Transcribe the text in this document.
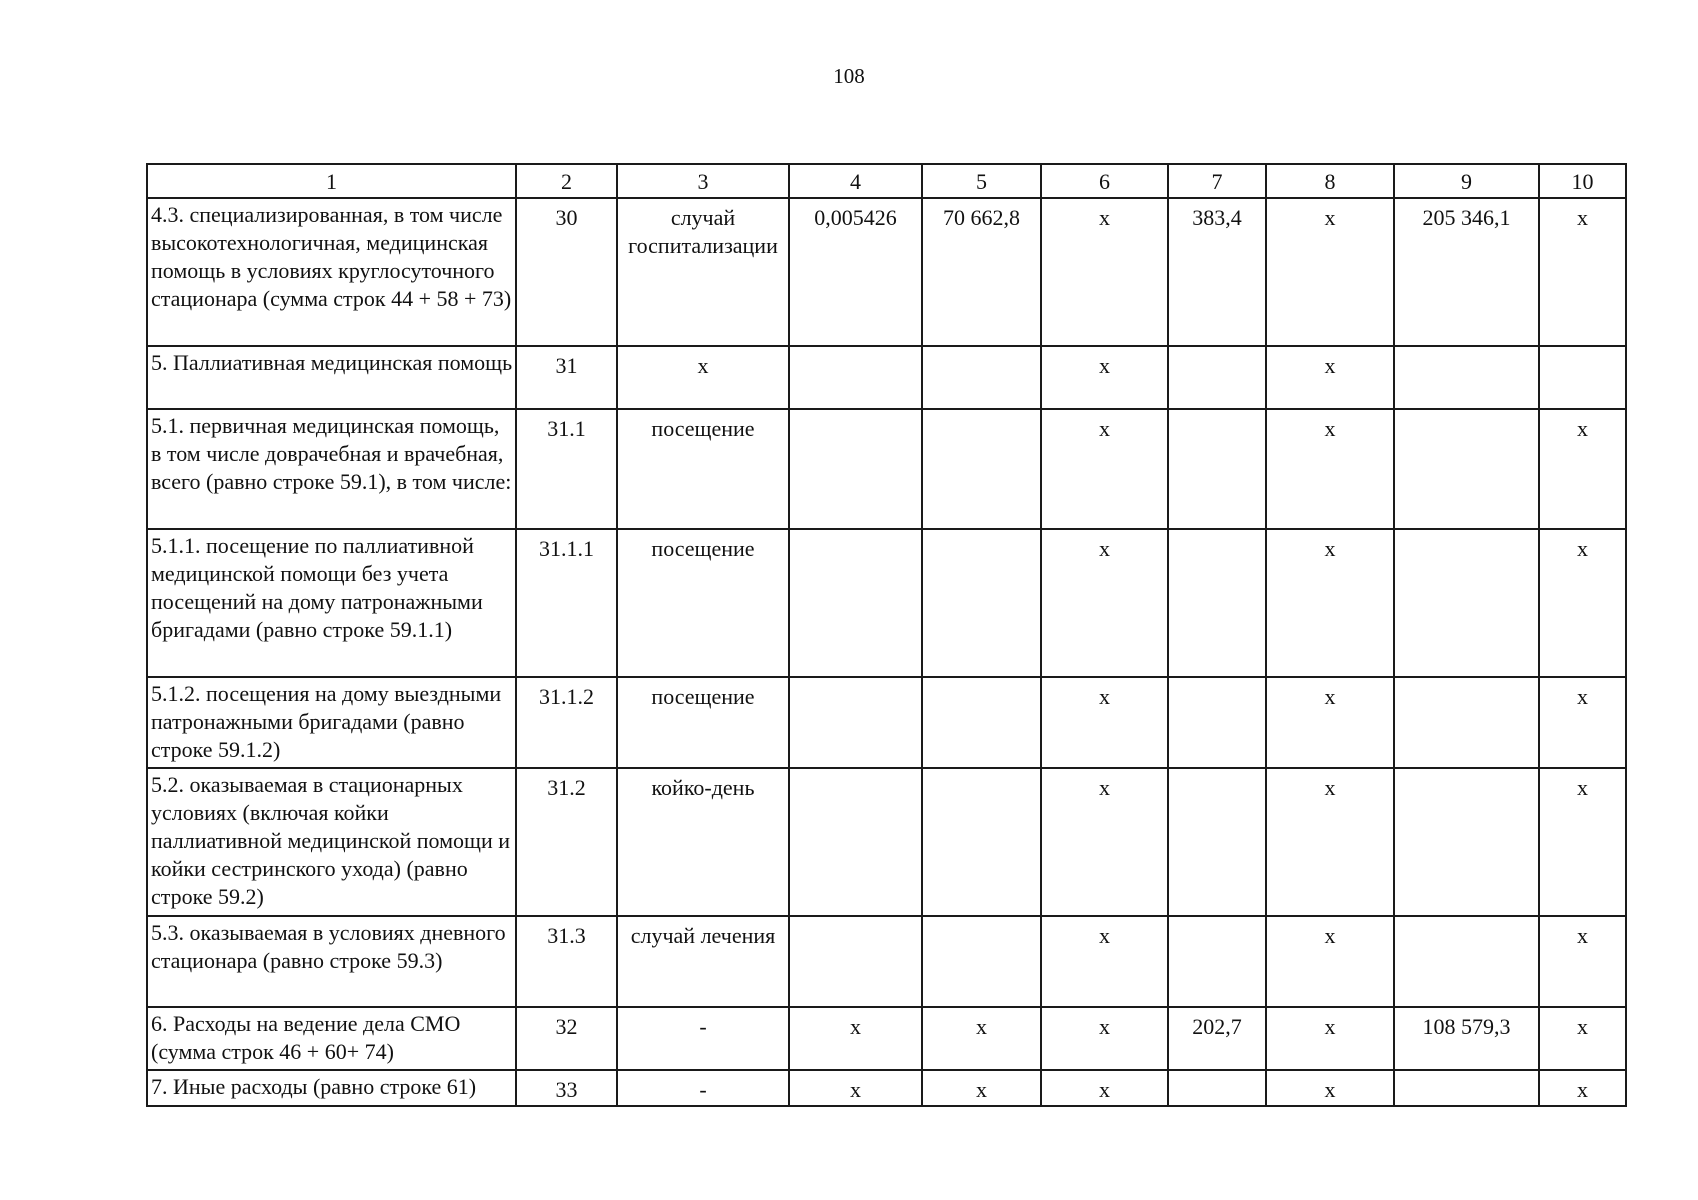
108
1	2	3	4	5	6	7	8	9	10
4.3. специализированная, в том числе высокотехнологичная, медицинская помощь в условиях круглосуточного стационара (сумма строк 44 + 58 + 73)	30	случай госпитализации	0,005426	70 662,8	х	383,4	х	205 346,1	х
5. Паллиативная медицинская помощь	31	х			х		х		
5.1. первичная медицинская помощь, в том числе доврачебная и врачебная, всего (равно строке 59.1), в том числе:	31.1	посещение			х		х		х
5.1.1. посещение по паллиативной медицинской помощи без учета посещений на дому патронажными бригадами (равно строке 59.1.1)	31.1.1	посещение			х		х		х
5.1.2. посещения на дому выездными патронажными бригадами (равно строке 59.1.2)	31.1.2	посещение			х		х		х
5.2. оказываемая в стационарных условиях (включая койки паллиативной медицинской помощи и койки сестринского ухода) (равно строке 59.2)	31.2	койко-день			х		х		х
5.3. оказываемая в условиях дневного стационара (равно строке 59.3)	31.3	случай лечения			х		х		х
6. Расходы на ведение дела СМО (сумма строк 46 + 60+ 74)	32	-	х	х	х	202,7	х	108 579,3	х
7. Иные расходы (равно строке 61)	33	-	х	х	х		х		х
